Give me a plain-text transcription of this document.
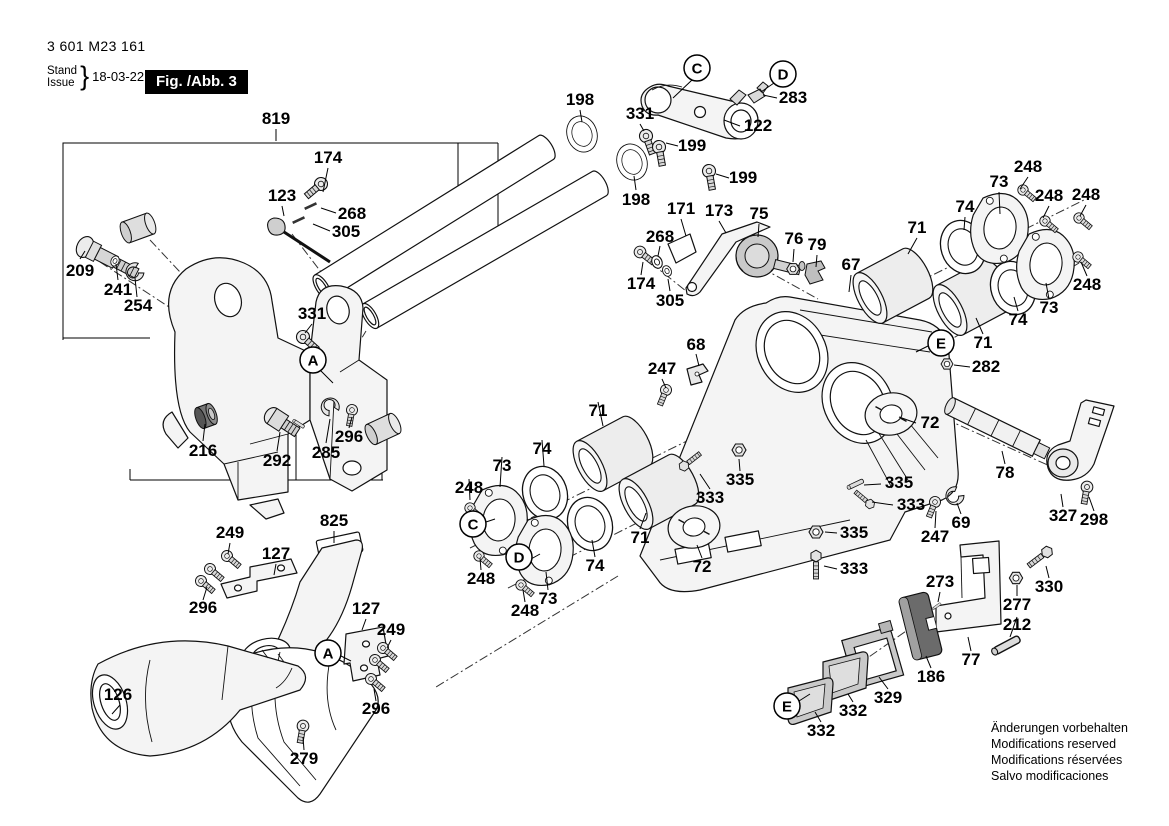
819
174
123
268
305
209
241
254	331
216
292 285
296
198
331
283
122
199
199
198 171 173 75
268	76 79
174
305
67
248
73
248 248
74
71
74
73
248
71
282
72
78
327 298
68
247
71
74
73
248
248
73
248
74
71
72
333
335	335
333
335
333
247
69
273	330
277
212
77
186
329
332
332
825
249
127
296	127
249
296
126
279
C	D
A
E
C
D
A
E
3 601 M23 161
Stand
Issue } 18-03-22 Fig. /Abb. 3
Änderungen vorbehalten
Modifications reserved
Modifications réservées
Salvo modificaciones
